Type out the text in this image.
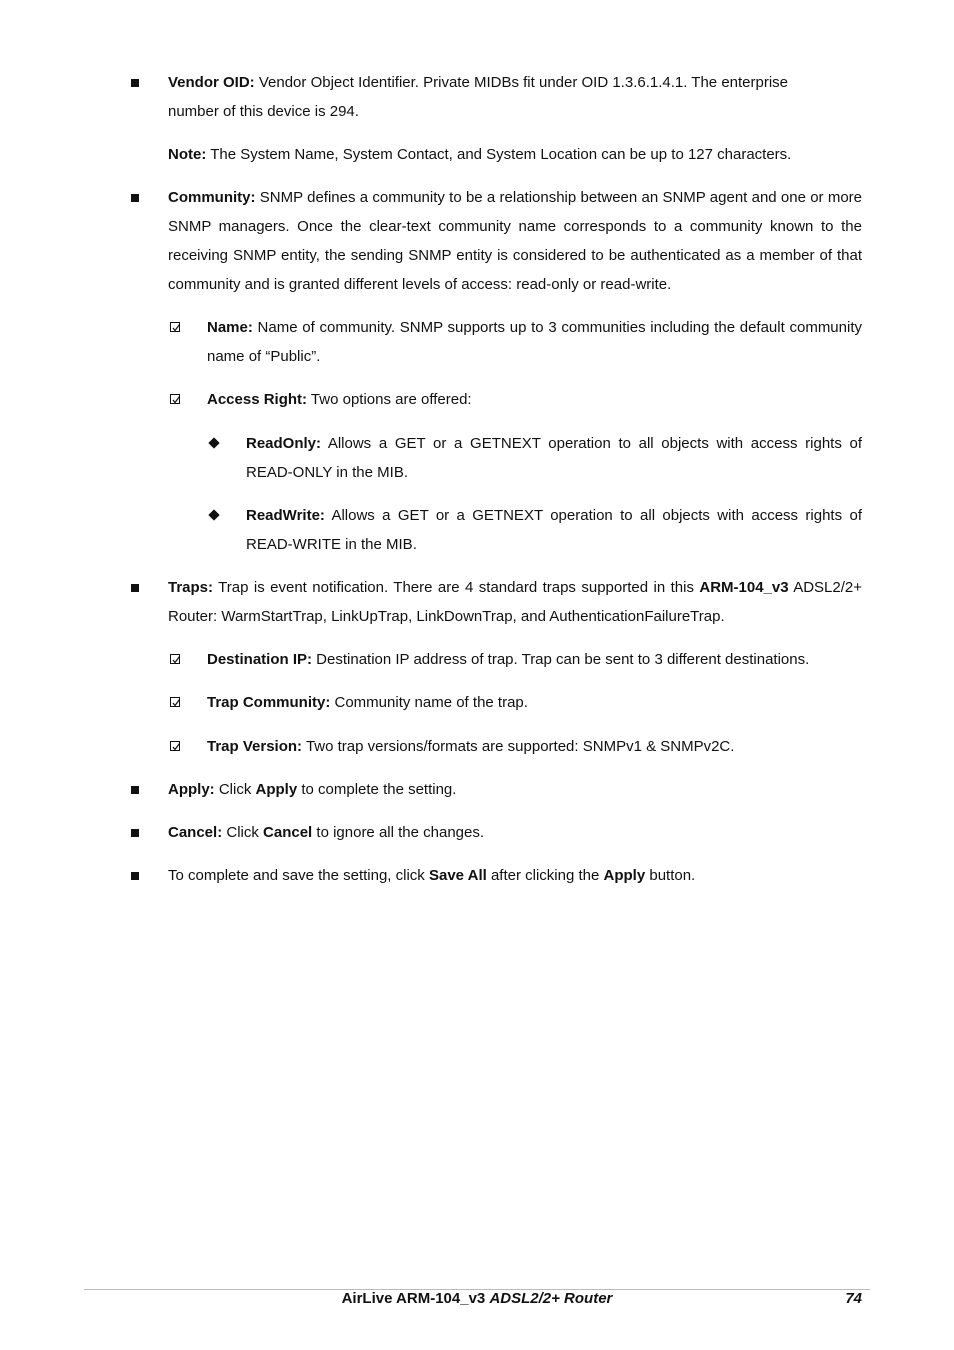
Vendor OID: Vendor Object Identifier. Private MIDBs fit under OID 1.3.6.1.4.1. The enterprise
number of this device is 294.
Note: The System Name, System Contact, and System Location can be up to 127 characters.
Community: SNMP defines a community to be a relationship between an SNMP agent and one or more SNMP managers. Once the clear-text community name corresponds to a community known to the receiving SNMP entity, the sending SNMP entity is considered to be authenticated as a member of that community and is granted different levels of access: read-only or read-write.
Name: Name of community. SNMP supports up to 3 communities including the default community name of “Public”.
Access Right: Two options are offered:
ReadOnly: Allows a GET or a GETNEXT operation to all objects with access rights of READ-ONLY in the MIB.
ReadWrite: Allows a GET or a GETNEXT operation to all objects with access rights of READ-WRITE in the MIB.
Traps: Trap is event notification. There are 4 standard traps supported in this ARM-104_v3 ADSL2/2+ Router: WarmStartTrap, LinkUpTrap, LinkDownTrap, and AuthenticationFailureTrap.
Destination IP: Destination IP address of trap. Trap can be sent to 3 different destinations.
Trap Community: Community name of the trap.
Trap Version: Two trap versions/formats are supported: SNMPv1 & SNMPv2C.
Apply: Click Apply to complete the setting.
Cancel: Click Cancel to ignore all the changes.
To complete and save the setting, click Save All after clicking the Apply button.
AirLive ARM-104_v3 ADSL2/2+ Router	74
